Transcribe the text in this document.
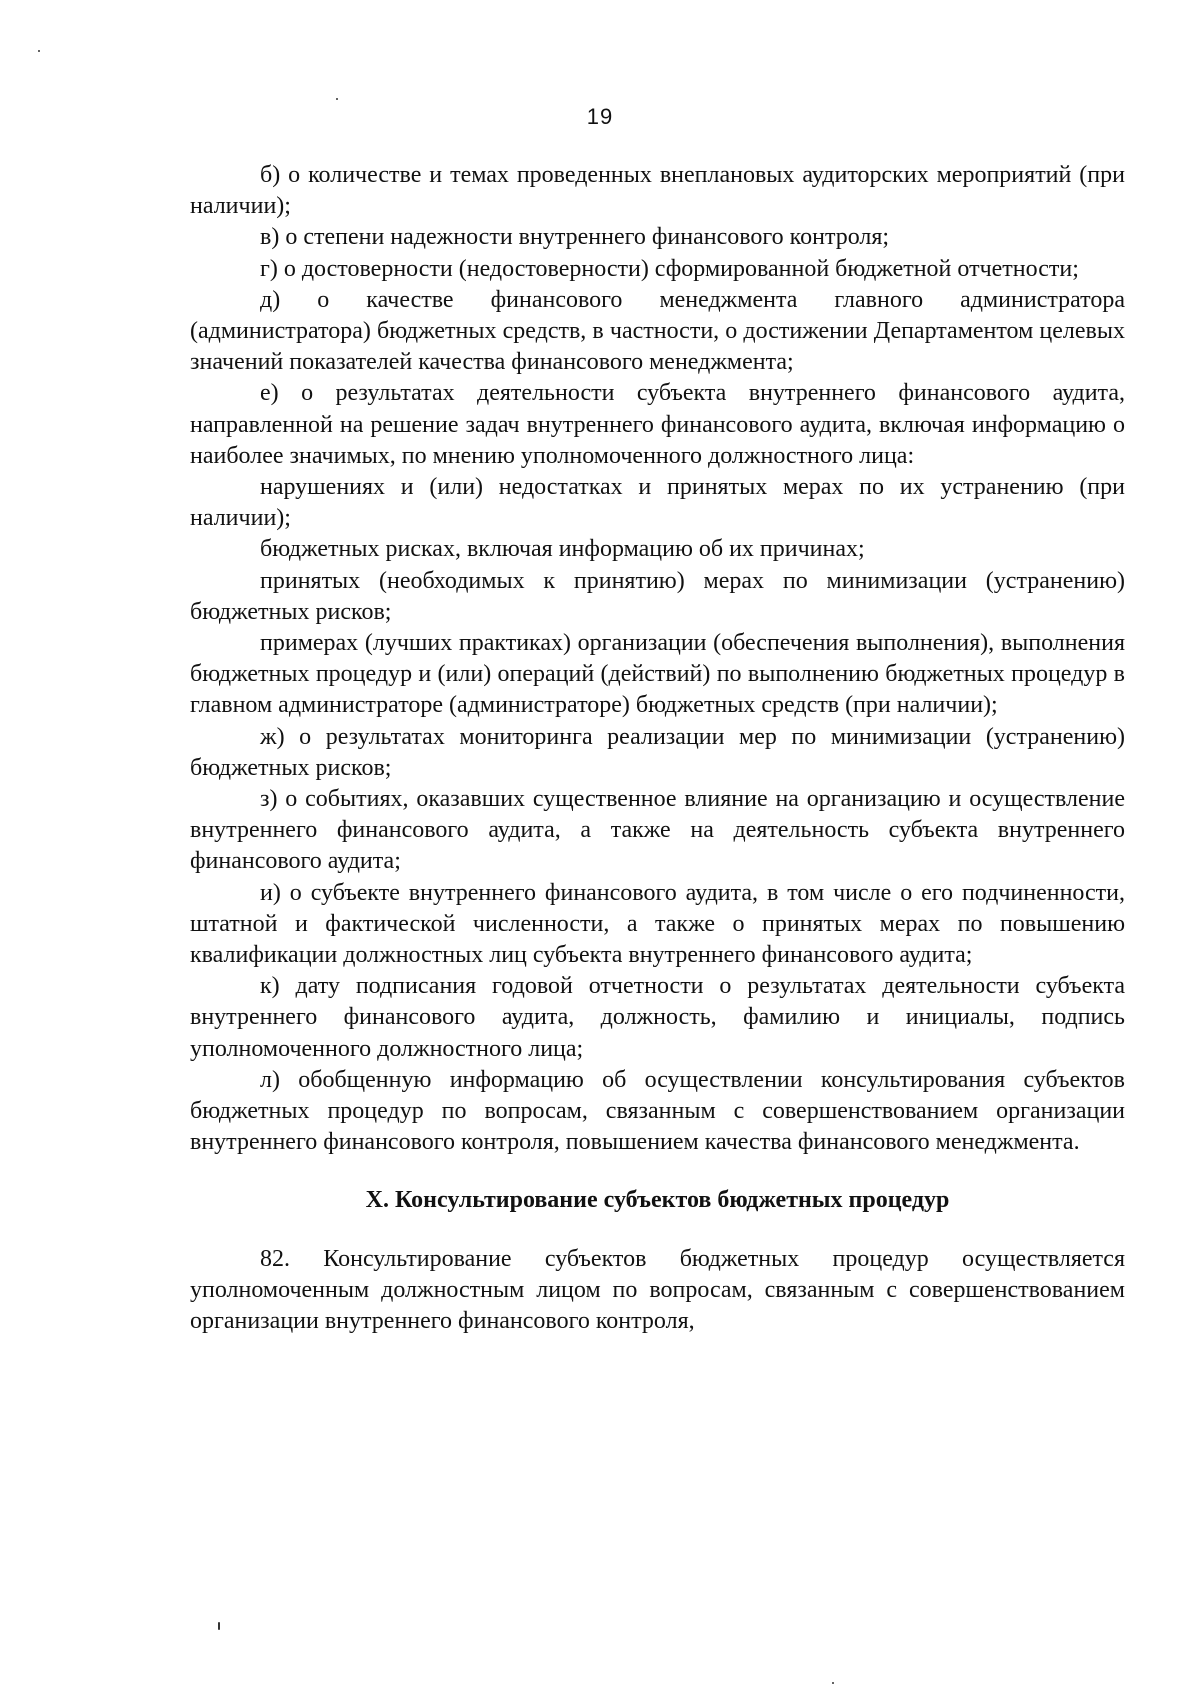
19

б) о количестве и темах проведенных внеплановых аудиторских мероприятий (при наличии);

в) о степени надежности внутреннего финансового контроля;

г) о достоверности (недостоверности) сформированной бюджетной отчетности;

д) о качестве финансового менеджмента главного администратора (администратора) бюджетных средств, в частности, о достижении Департаментом целевых значений показателей качества финансового менеджмента;

е) о результатах деятельности субъекта внутреннего финансового аудита, направленной на решение задач внутреннего финансового аудита, включая информацию о наиболее значимых, по мнению уполномоченного должностного лица:

нарушениях и (или) недостатках и принятых мерах по их устранению (при наличии);

бюджетных рисках, включая информацию об их причинах;

принятых (необходимых к принятию) мерах по минимизации (устранению) бюджетных рисков;

примерах (лучших практиках) организации (обеспечения выполнения), выполнения бюджетных процедур и (или) операций (действий) по выполнению бюджетных процедур в главном администраторе (администраторе) бюджетных средств (при наличии);

ж) о результатах мониторинга реализации мер по минимизации (устранению) бюджетных рисков;

з) о событиях, оказавших существенное влияние на организацию и осуществление внутреннего финансового аудита, а также на деятельность субъекта внутреннего финансового аудита;

и) о субъекте внутреннего финансового аудита, в том числе о его подчиненности, штатной и фактической численности, а также о принятых мерах по повышению квалификации должностных лиц субъекта внутреннего финансового аудита;

к) дату подписания годовой отчетности о результатах деятельности субъекта внутреннего финансового аудита, должность, фамилию и инициалы, подпись уполномоченного должностного лица;

л) обобщенную информацию об осуществлении консультирования субъектов бюджетных процедур по вопросам, связанным с совершенствованием организации внутреннего финансового контроля, повышением качества финансового менеджмента.

X. Консультирование субъектов бюджетных процедур

82. Консультирование субъектов бюджетных процедур осуществляется уполномоченным должностным лицом по вопросам, связанным с совершенствованием организации внутреннего финансового контроля,
